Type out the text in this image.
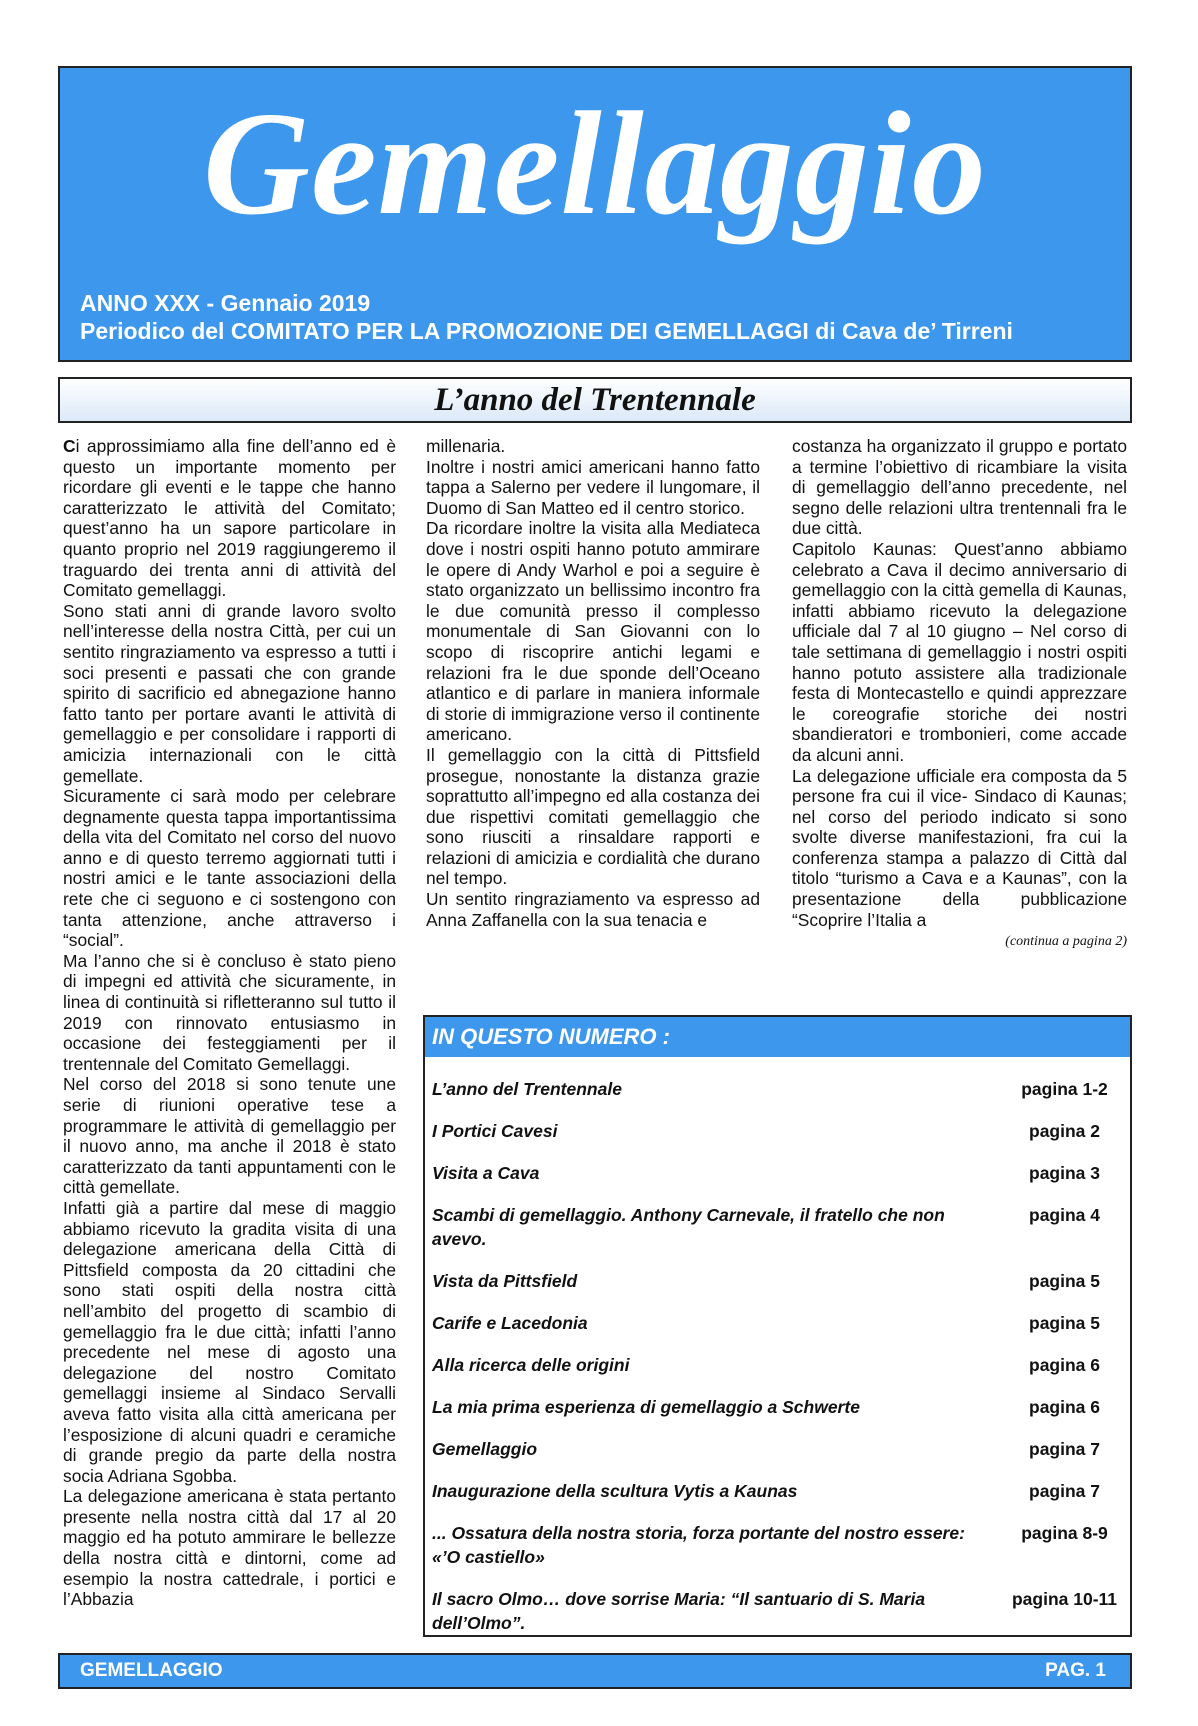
Gemellaggio
ANNO XXX - Gennaio 2019
Periodico del COMITATO PER LA PROMOZIONE DEI GEMELLAGGI di Cava de’ Tirreni
L’anno del Trentennale

Ci approssimiamo alla fine dell’anno ed è questo un importante momento per ricordare gli eventi e le tappe che hanno caratterizzato le attività del Comitato; quest’anno ha un sapore particolare in quanto proprio nel 2019 raggiungeremo il traguardo dei trenta anni di attività del Comitato gemellaggi.

Sono stati anni di grande lavoro svolto nell’interesse della nostra Città, per cui un sentito ringraziamento va espresso a tutti i soci presenti e passati che con grande spirito di sacrificio ed abnegazione hanno fatto tanto per portare avanti le attività di gemellaggio e per consolidare i rapporti di amicizia internazionali con le città gemellate.

Sicuramente ci sarà modo per celebrare degnamente questa tappa importantissima della vita del Comitato nel corso del nuovo anno e di questo terremo aggiornati tutti i nostri amici e le tante associazioni della rete che ci seguono e ci sostengono con tanta attenzione, anche attraverso i “social”.

Ma l’anno che si è concluso è stato pieno di impegni ed attività che sicuramente, in linea di continuità si rifletteranno sul tutto il 2019 con rinnovato entusiasmo in occasione dei festeggiamenti per il trentennale del Comitato Gemellaggi.

Nel corso del 2018 si sono tenute une serie di riunioni operative tese a programmare le attività di gemellaggio per il nuovo anno, ma anche il 2018 è stato caratterizzato da tanti appuntamenti con le città gemellate.

Infatti già a partire dal mese di maggio abbiamo ricevuto la gradita visita di una delegazione americana della Città di Pittsfield composta da 20 cittadini che sono stati ospiti della nostra città nell’ambito del progetto di scambio di gemellaggio fra le due città; infatti l’anno precedente nel mese di agosto una delegazione del nostro Comitato gemellaggi insieme al Sindaco Servalli aveva fatto visita alla città americana per l’esposizione di alcuni quadri e ceramiche di grande pregio da parte della nostra socia Adriana Sgobba.

La delegazione americana è stata pertanto presente nella nostra città dal 17 al 20 maggio ed ha potuto ammirare le bellezze della nostra città e dintorni, come ad esempio la nostra cattedrale, i portici e l’Abbazia

millenaria.

Inoltre i nostri amici americani hanno fatto tappa a Salerno per vedere il lungomare, il Duomo di San Matteo ed il centro storico.

Da ricordare inoltre la visita alla Mediateca dove i nostri ospiti hanno potuto ammirare le opere di Andy Warhol e poi a seguire è stato organizzato un bellissimo incontro fra le due comunità presso il complesso monumentale di San Giovanni con lo scopo di riscoprire antichi legami e relazioni fra le due sponde dell’Oceano atlantico e di parlare in maniera informale di storie di immigrazione verso il continente americano.

Il gemellaggio con la città di Pittsfield prosegue, nonostante la distanza grazie soprattutto all’impegno ed alla costanza dei due rispettivi comitati gemellaggio che sono riusciti a rinsaldare rapporti e relazioni di amicizia e cordialità che durano nel tempo.

Un sentito ringraziamento va espresso ad Anna Zaffanella con la sua tenacia e

costanza ha organizzato il gruppo e portato a termine l’obiettivo di ricambiare la visita di gemellaggio dell’anno precedente, nel segno delle relazioni ultra trentennali fra le due città.

Capitolo Kaunas: Quest’anno abbiamo celebrato a Cava il decimo anniversario di gemellaggio con la città gemella di Kaunas, infatti abbiamo ricevuto la delegazione ufficiale dal 7 al 10 giugno – Nel corso di tale settimana di gemellaggio i nostri ospiti hanno potuto assistere alla tradizionale festa di Montecastello e quindi apprezzare le coreografie storiche dei nostri sbandieratori e trombonieri, come accade da alcuni anni.

La delegazione ufficiale era composta da 5 persone fra cui il vice- Sindaco di Kaunas; nel corso del periodo indicato si sono svolte diverse manifestazioni, fra cui la conferenza stampa a palazzo di Città dal titolo “turismo a Cava e a Kaunas”, con la presentazione della pubblicazione “Scoprire l’Italia a

(continua a pagina 2)
IN QUESTO NUMERO :
L’anno del Trentennale	pagina 1-2
I Portici Cavesi	pagina 2
Visita a Cava	pagina 3
Scambi di gemellaggio. Anthony Carnevale, il fratello che non avevo.
pagina 4
Vista da Pittsfield	pagina 5
Carife e Lacedonia	pagina 5
Alla ricerca delle origini	pagina 6
La mia prima esperienza di gemellaggio a Schwerte	pagina 6
Gemellaggio	pagina 7
Inaugurazione della scultura Vytis a Kaunas	pagina 7
... Ossatura della nostra storia, forza portante del nostro essere: «’O castiello»
pagina 8-9
Il sacro Olmo… dove sorrise Maria: “Il santuario di S. Maria dell’Olmo”.
pagina 10-11
GEMELLAGGIO	PAG. 1
